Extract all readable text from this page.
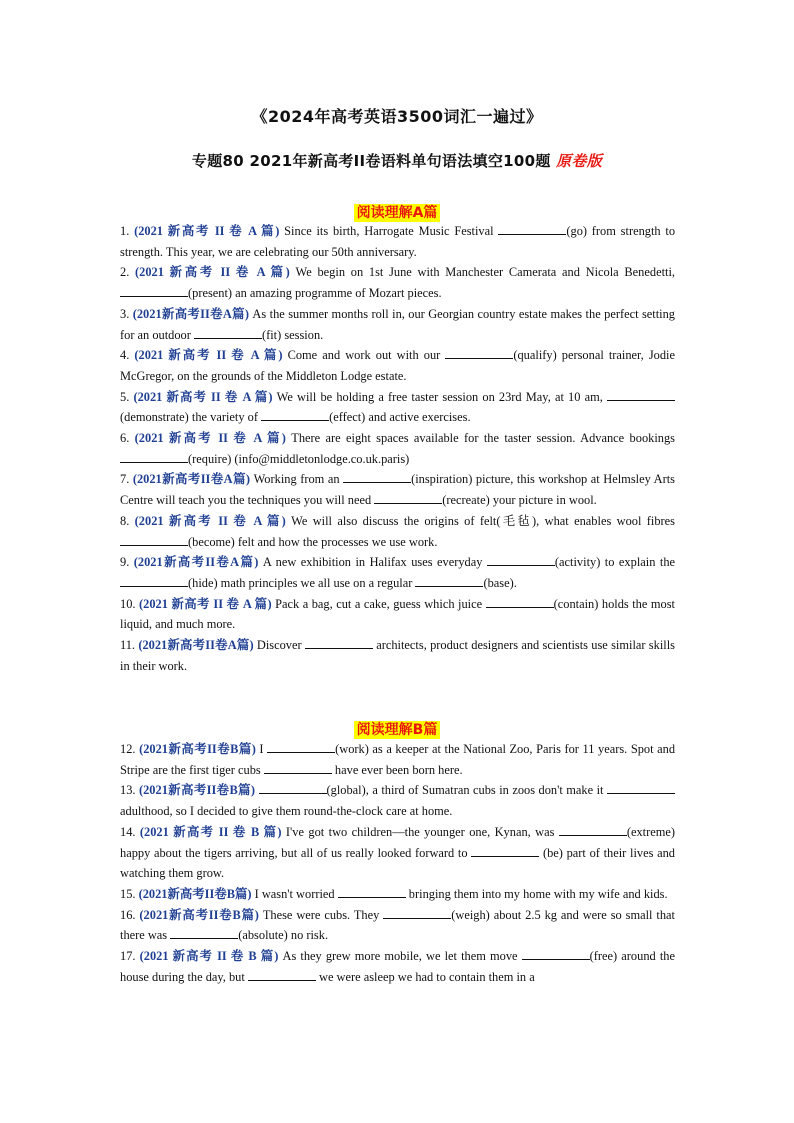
《2024年高考英语3500词汇一遍过》
专题80 2021年新高考II卷语料单句语法填空100题 原卷版
阅读理解A篇

1. (2021 新高考 II 卷 A 篇) Since its birth, Harrogate Music Festival	(go) from strength to strength. This year, we are celebrating our 50th anniversary.

2. (2021 新高考 II 卷 A 篇) We begin on 1st June with Manchester Camerata and Nicola Benedetti, (present) an amazing programme of Mozart pieces.

3. (2021新高考II卷A篇) As the summer months roll in, our Georgian country estate makes the perfect setting for an outdoor	(fit) session.

4. (2021 新高考 II 卷 A 篇) Come and work out with our	(qualify) personal trainer, Jodie McGregor, on the grounds of the Middleton Lodge estate.

5. (2021 新高考 II 卷 A 篇) We will be holding a free taster session on 23rd May, at 10 am, (demonstrate) the variety of	(effect) and active exercises.

6. (2021 新高考 II 卷 A 篇) There are eight spaces available for the taster session. Advance bookings (require) (info@middletonlodge.co.uk.paris)

7. (2021新高考II卷A篇) Working from an	(inspiration) picture, this workshop at Helmsley Arts Centre will teach you the techniques you will need	(recreate) your picture in wool.

8. (2021 新高考 II 卷 A 篇) We will also discuss the origins of felt(毛毡), what enables wool fibres (become) felt and how the processes we use work.

9. (2021新高考II卷A篇) A new exhibition in Halifax uses everyday	(activity) to explain the (hide) math principles we all use on a regular	(base).

10. (2021 新高考 II 卷 A 篇) Pack a bag, cut a cake, guess which juice	(contain) holds the most liquid, and much more.

11. (2021新高考II卷A篇) Discover	architects, product designers and scientists use similar skills in their work.

阅读理解B篇

12. (2021新高考II卷B篇) I	(work) as a keeper at the National Zoo, Paris for 11 years. Spot and Stripe are the first tiger cubs	have ever been born here.

13. (2021新高考II卷B篇)	(global), a third of Sumatran cubs in zoos don't make it  adulthood, so I decided to give them round-the-clock care at home.

14. (2021 新高考 II 卷 B 篇) I've got two children—the younger one, Kynan, was	(extreme) happy about the tigers arriving, but all of us really looked forward to	(be) part of their lives and watching them grow.

15. (2021新高考II卷B篇) I wasn't worried	bringing them into my home with my wife and kids.

16. (2021新高考II卷B篇) These were cubs. They	(weigh) about 2.5 kg and were so small that there was	(absolute) no risk.

17. (2021 新高考 II 卷 B 篇) As they grew more mobile, we let them move	(free) around the house during the day, but	we were asleep we had to contain them in a
